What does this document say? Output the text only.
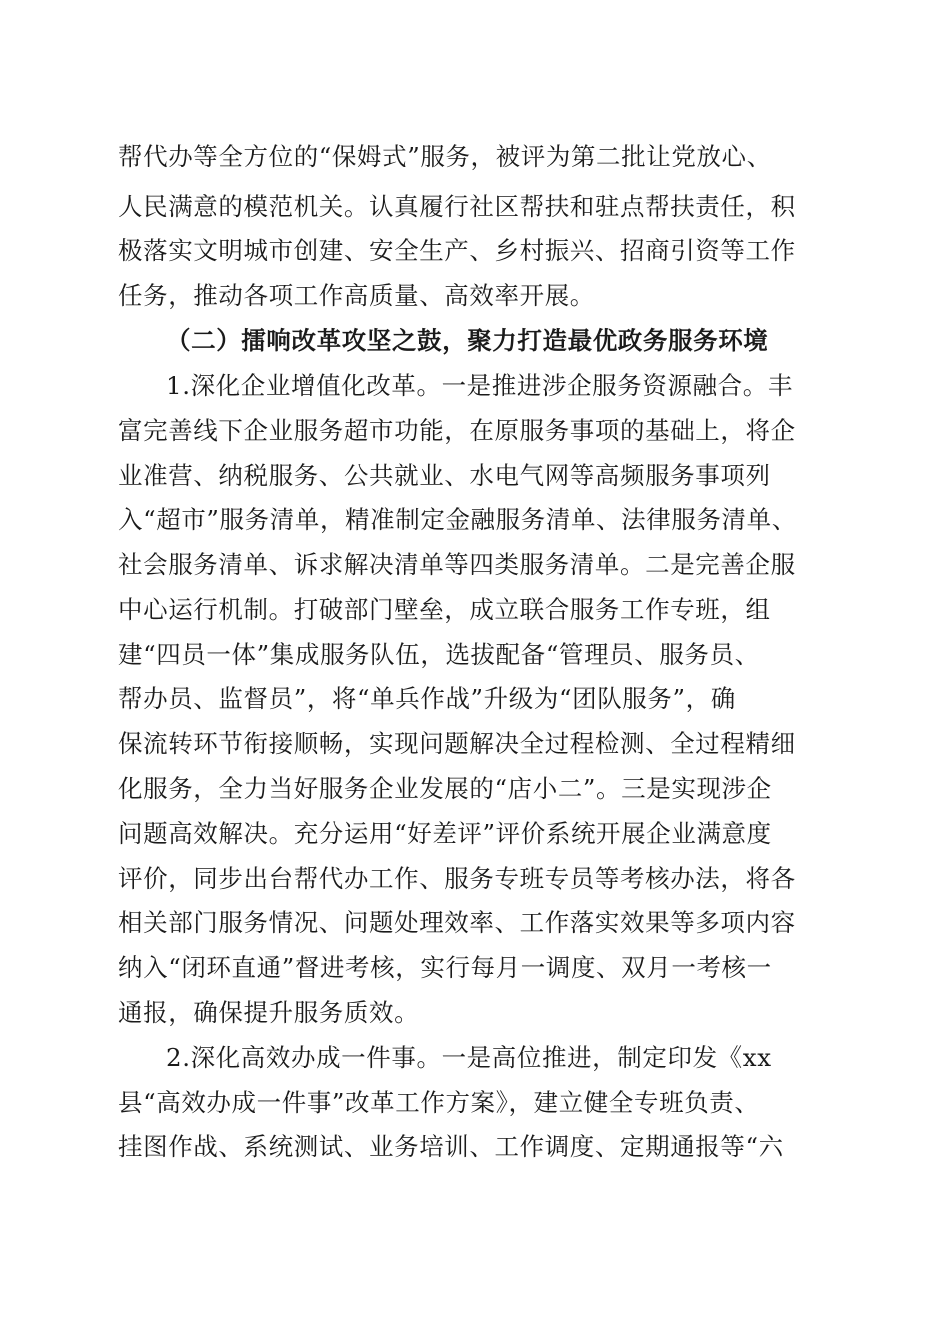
帮代办等全方位的“保姆式”服务，被评为第二批让党放心、
人民满意的模范机关。认真履行社区帮扶和驻点帮扶责任，积
极落实文明城市创建、安全生产、乡村振兴、招商引资等工作
任务，推动各项工作高质量、高效率开展。
（二）擂响改革攻坚之鼓，聚力打造最优政务服务环境
1.深化企业增值化改革。一是推进涉企服务资源融合。丰
富完善线下企业服务超市功能，在原服务事项的基础上，将企
业准营、纳税服务、公共就业、水电气网等高频服务事项列
入“超市”服务清单，精准制定金融服务清单、法律服务清单、
社会服务清单、诉求解决清单等四类服务清单。二是完善企服
中心运行机制。打破部门壁垒，成立联合服务工作专班，组
建“四员一体”集成服务队伍，选拔配备“管理员、服务员、
帮办员、监督员”，将“单兵作战”升级为“团队服务”，确
保流转环节衔接顺畅，实现问题解决全过程检测、全过程精细
化服务，全力当好服务企业发展的“店小二”。三是实现涉企
问题高效解决。充分运用“好差评”评价系统开展企业满意度
评价，同步出台帮代办工作、服务专班专员等考核办法，将各
相关部门服务情况、问题处理效率、工作落实效果等多项内容
纳入“闭环直通”督进考核，实行每月一调度、双月一考核一
通报，确保提升服务质效。
2.深化高效办成一件事。一是高位推进，制定印发《xx
县“高效办成一件事”改革工作方案》，建立健全专班负责、
挂图作战、系统测试、业务培训、工作调度、定期通报等“六
